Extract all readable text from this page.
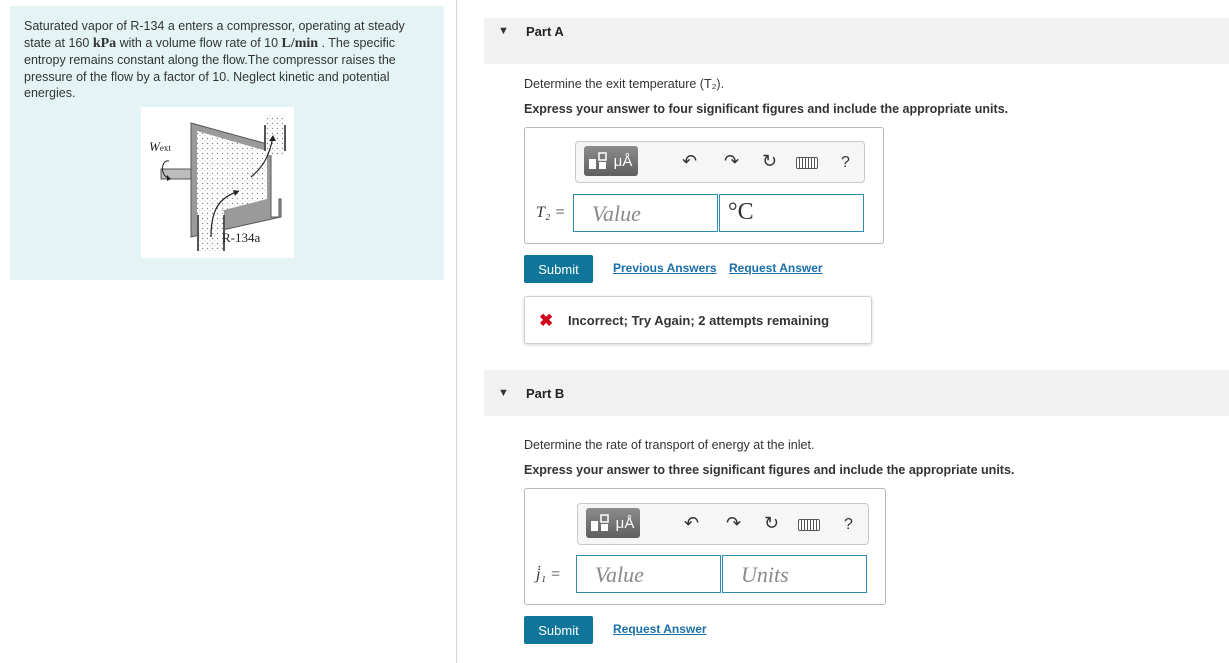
Saturated vapor of R-134 a enters a compressor, operating at steady state at 160 kPa with a volume flow rate of 10 L/min . The specific entropy remains constant along the flow.The compressor raises the pressure of the flow by a factor of 10. Neglect kinetic and potential energies.

Wext
R-134a
▼ Part A
Determine the exit temperature (T₂).
Express your answer to four significant figures and include the appropriate units.
μÅ	↶ ↷ ↻	?
T₂ =	Value	°C
Submit	Previous Answers Request Answer
✖ Incorrect; Try Again; 2 attempts remaining
▼ Part B
Determine the rate of transport of energy at the inlet.
Express your answer to three significant figures and include the appropriate units.
μÅ	↶ ↷ ↻	?
j̇₁ =	Value	Units
Submit	Request Answer
